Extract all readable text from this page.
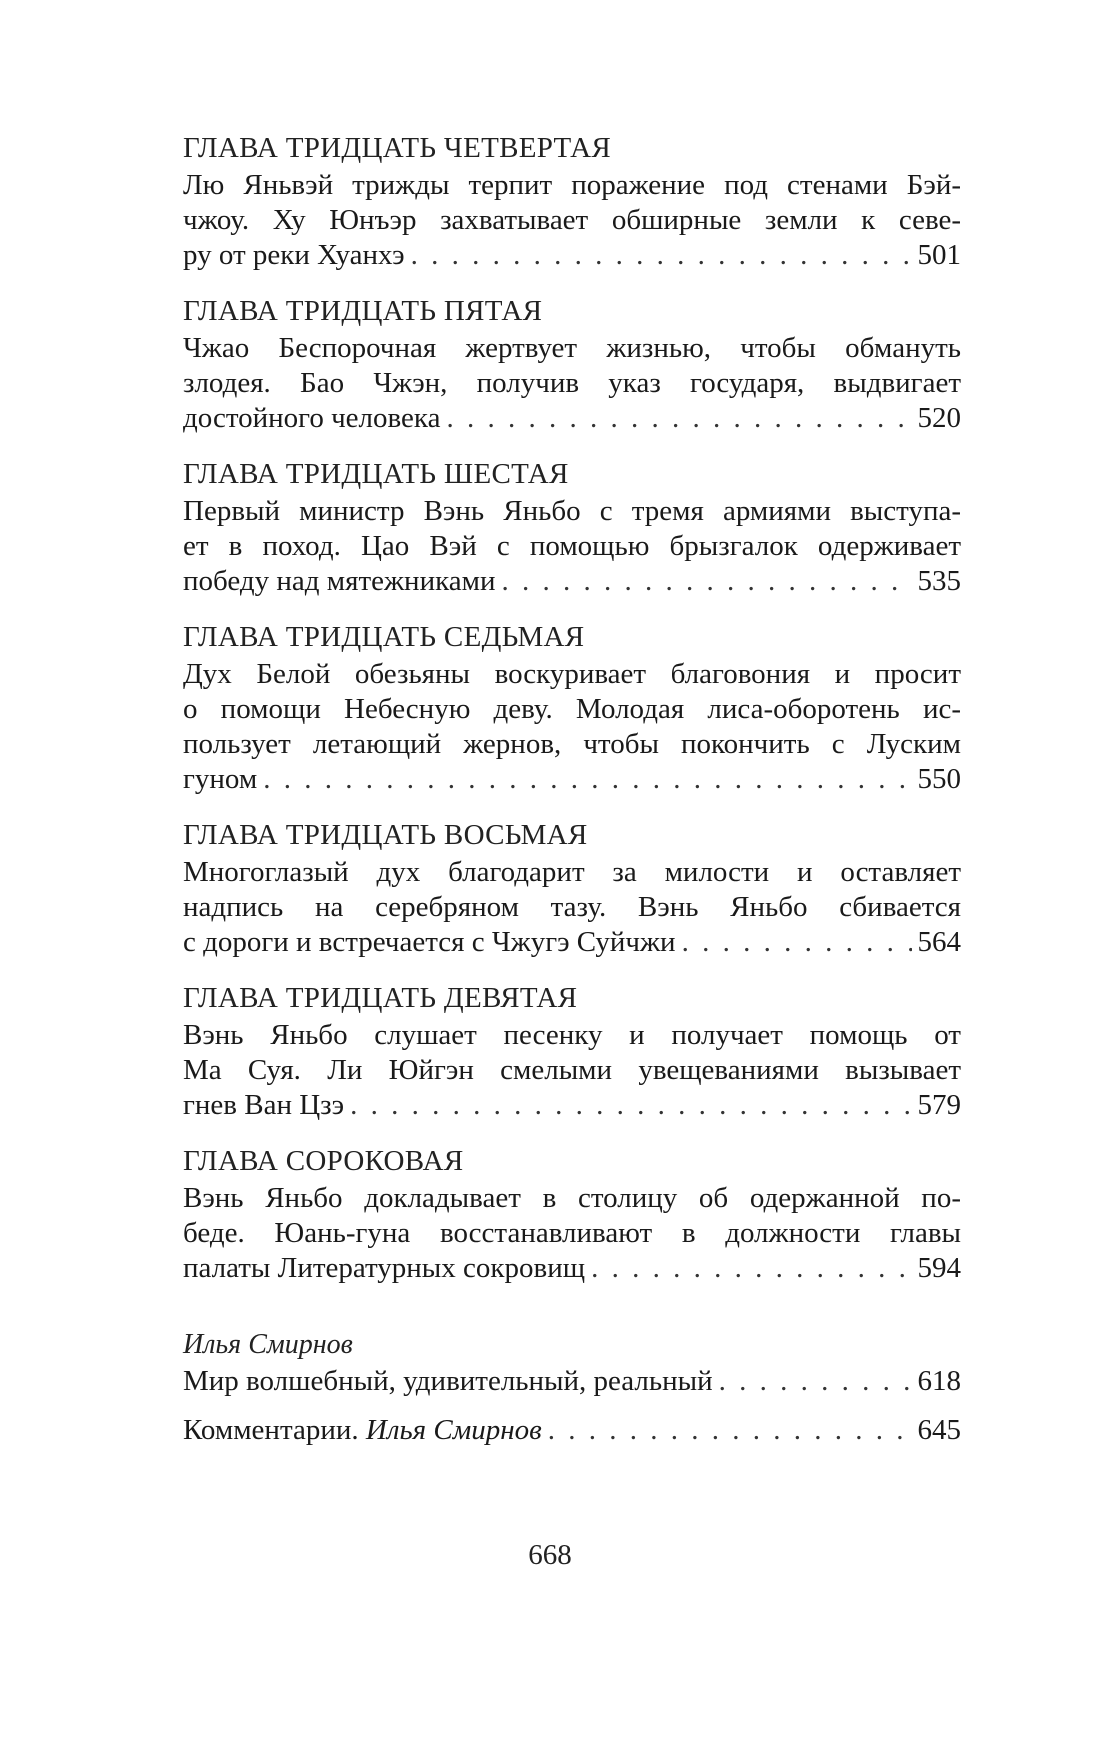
ГЛАВА ТРИДЦАТЬ ЧЕТВЕРТАЯ
Лю Яньвэй трижды терпит поражение под стенами Бэй-
чжоу. Ху Юнъэр захватывает обширные земли к севе-
ру от реки Хуанхэ . . .	501
ГЛАВА ТРИДЦАТЬ ПЯТАЯ
Чжао Беспорочная жертвует жизнью, чтобы обмануть
злодея. Бао Чжэн, получив указ государя, выдвигает
достойного человека . . .	520
ГЛАВА ТРИДЦАТЬ ШЕСТАЯ
Первый министр Вэнь Яньбо с тремя армиями выступа-
ет в поход. Цао Вэй с помощью брызгалок одерживает
победу над мятежниками . . .	535
ГЛАВА ТРИДЦАТЬ СЕДЬМАЯ
Дух Белой обезьяны воскуривает благовония и просит
о помощи Небесную деву. Молодая лиса-оборотень ис-
пользует летающий жернов, чтобы покончить с Луским
гуном . . .	550
ГЛАВА ТРИДЦАТЬ ВОСЬМАЯ
Многоглазый дух благодарит за милости и оставляет
надпись на серебряном тазу. Вэнь Яньбо сбивается
с дороги и встречается с Чжугэ Суйчжи . . .	564
ГЛАВА ТРИДЦАТЬ ДЕВЯТАЯ
Вэнь Яньбо слушает песенку и получает помощь от
Ма Суя. Ли Юйгэн смелыми увещеваниями вызывает
гнев Ван Цзэ . . .	579
ГЛАВА СОРОКОВАЯ
Вэнь Яньбо докладывает в столицу об одержанной по-
беде. Юань-гуна восстанавливают в должности главы
палаты Литературных сокровищ . . .	594
Илья Смирнов
Мир волшебный, удивительный, реальный . . .	618
Комментарии. Илья Смирнов . . .	645
668
